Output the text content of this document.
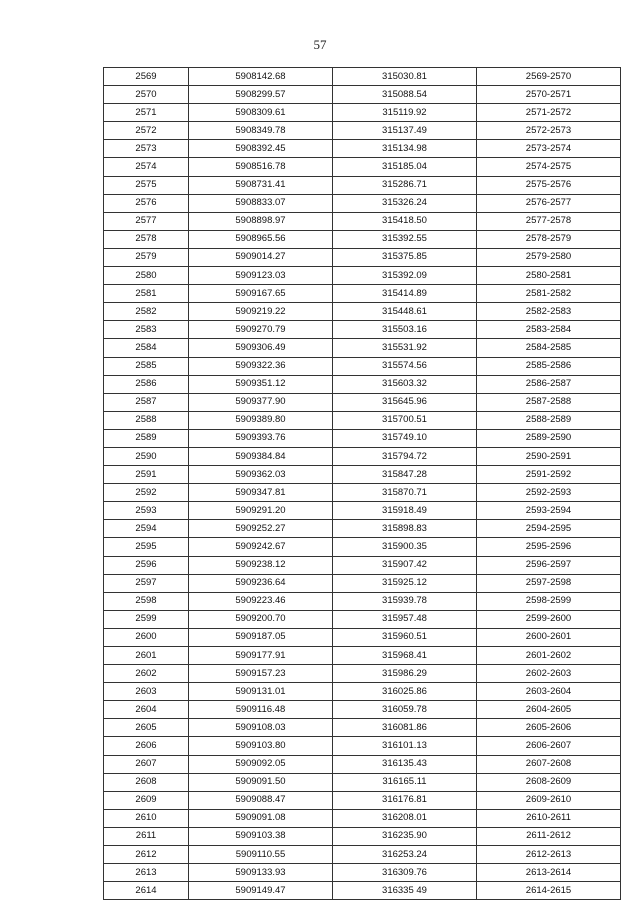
57
2569	5908142.68	315030.81	2569-2570
2570	5908299.57	315088.54	2570-2571
2571	5908309.61	315119.92	2571-2572
2572	5908349.78	315137.49	2572-2573
2573	5908392.45	315134.98	2573-2574
2574	5908516.78	315185.04	2574-2575
2575	5908731.41	315286.71	2575-2576
2576	5908833.07	315326.24	2576-2577
2577	5908898.97	315418.50	2577-2578
2578	5908965.56	315392.55	2578-2579
2579	5909014.27	315375.85	2579-2580
2580	5909123.03	315392.09	2580-2581
2581	5909167.65	315414.89	2581-2582
2582	5909219.22	315448.61	2582-2583
2583	5909270.79	315503.16	2583-2584
2584	5909306.49	315531.92	2584-2585
2585	5909322.36	315574.56	2585-2586
2586	5909351.12	315603.32	2586-2587
2587	5909377.90	315645.96	2587-2588
2588	5909389.80	315700.51	2588-2589
2589	5909393.76	315749.10	2589-2590
2590	5909384.84	315794.72	2590-2591
2591	5909362.03	315847.28	2591-2592
2592	5909347.81	315870.71	2592-2593
2593	5909291.20	315918.49	2593-2594
2594	5909252.27	315898.83	2594-2595
2595	5909242.67	315900.35	2595-2596
2596	5909238.12	315907.42	2596-2597
2597	5909236.64	315925.12	2597-2598
2598	5909223.46	315939.78	2598-2599
2599	5909200.70	315957.48	2599-2600
2600	5909187.05	315960.51	2600-2601
2601	5909177.91	315968.41	2601-2602
2602	5909157.23	315986.29	2602-2603
2603	5909131.01	316025.86	2603-2604
2604	5909116.48	316059.78	2604-2605
2605	5909108.03	316081.86	2605-2606
2606	5909103.80	316101.13	2606-2607
2607	5909092.05	316135.43	2607-2608
2608	5909091.50	316165.11	2608-2609
2609	5909088.47	316176.81	2609-2610
2610	5909091.08	316208.01	2610-2611
2611	5909103.38	316235.90	2611-2612
2612	5909110.55	316253.24	2612-2613
2613	5909133.93	316309.76	2613-2614
2614	5909149.47	316335 49	2614-2615
